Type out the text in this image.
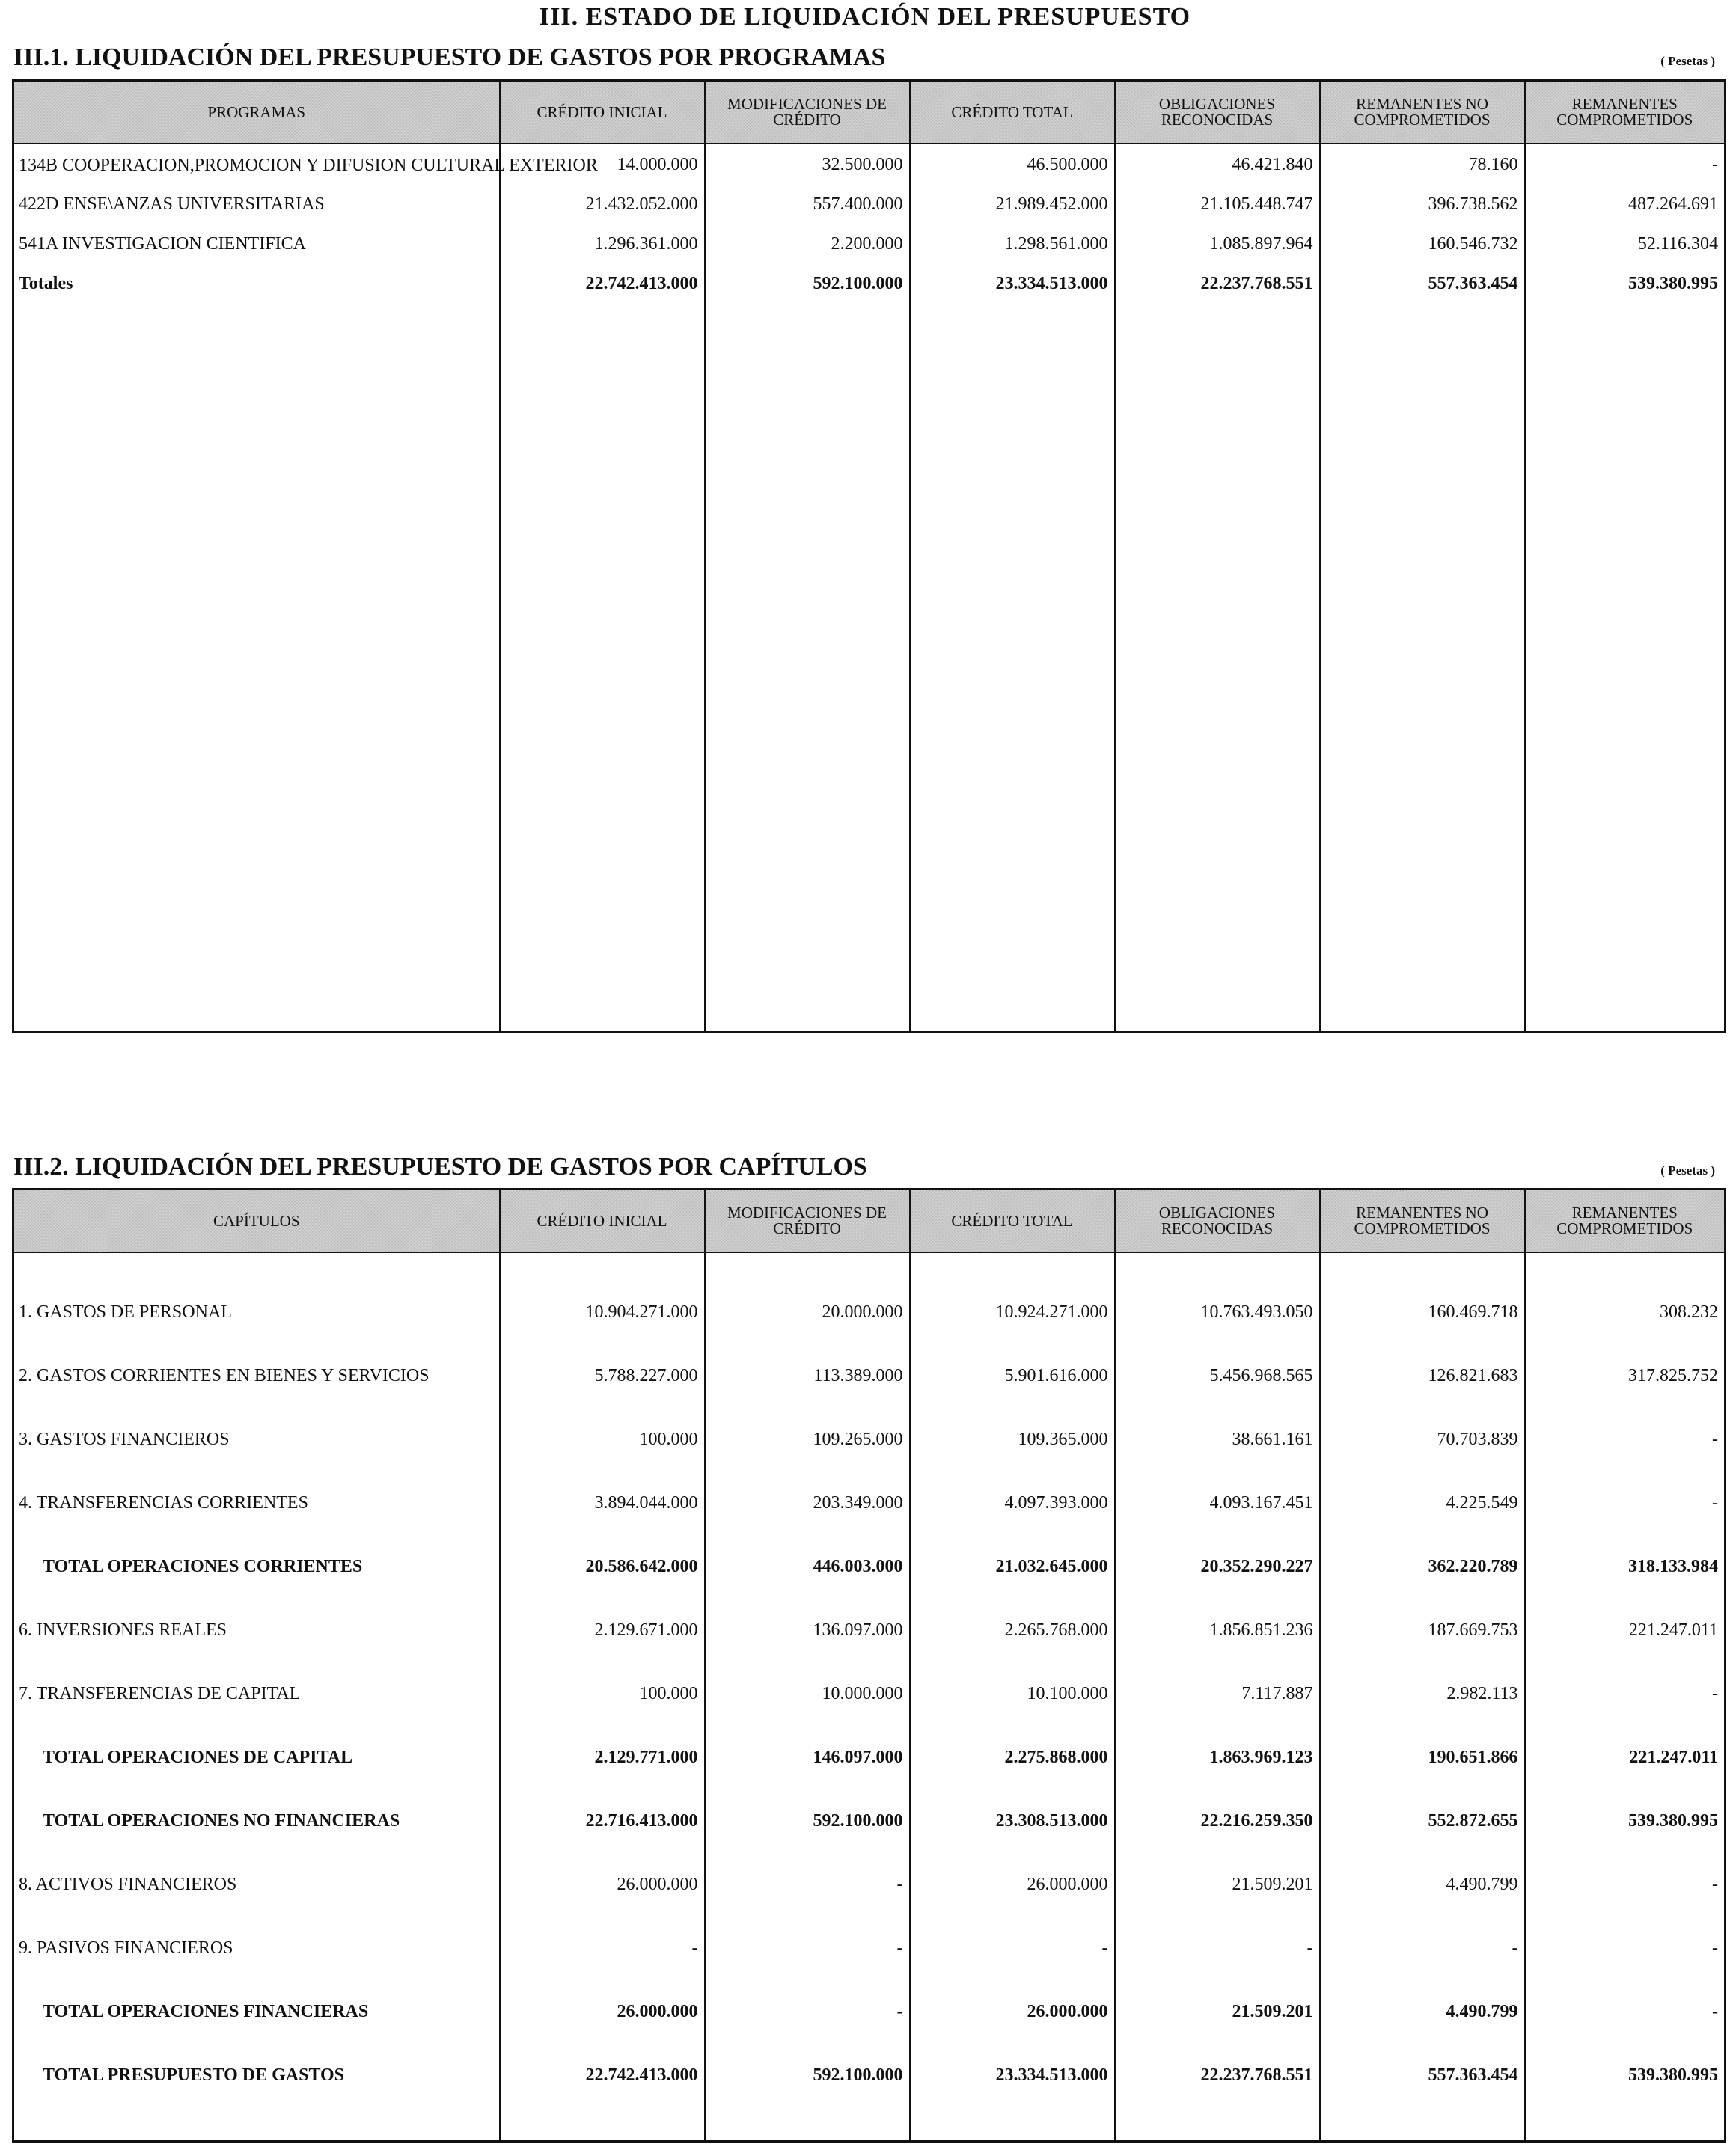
III. ESTADO DE LIQUIDACIÓN DEL PRESUPUESTO
III.1. LIQUIDACIÓN DEL PRESUPUESTO DE GASTOS POR PROGRAMAS	( Pesetas )
PROGRAMAS	CRÉDITO INICIAL	MODIFICACIONES DE CRÉDITO	CRÉDITO TOTAL	OBLIGACIONES RECONOCIDAS	REMANENTES NO COMPROMETIDOS	REMANENTES COMPROMETIDOS
134B COOPERACION,PROMOCION Y DIFUSION CULTURAL EXTERIOR	14.000.000	32.500.000	46.500.000	46.421.840	78.160	-
422D ENSE\ANZAS UNIVERSITARIAS	21.432.052.000	557.400.000	21.989.452.000	21.105.448.747	396.738.562	487.264.691
541A INVESTIGACION CIENTIFICA	1.296.361.000	2.200.000	1.298.561.000	1.085.897.964	160.546.732	52.116.304
Totales	22.742.413.000	592.100.000	23.334.513.000	22.237.768.551	557.363.454	539.380.995

III.2. LIQUIDACIÓN DEL PRESUPUESTO DE GASTOS POR CAPÍTULOS	( Pesetas )
CAPÍTULOS	CRÉDITO INICIAL	MODIFICACIONES DE CRÉDITO	CRÉDITO TOTAL	OBLIGACIONES RECONOCIDAS	REMANENTES NO COMPROMETIDOS	REMANENTES COMPROMETIDOS

1. GASTOS DE PERSONAL	10.904.271.000	20.000.000	10.924.271.000	10.763.493.050	160.469.718	308.232
2. GASTOS CORRIENTES EN BIENES Y SERVICIOS	5.788.227.000	113.389.000	5.901.616.000	5.456.968.565	126.821.683	317.825.752
3. GASTOS FINANCIEROS	100.000	109.265.000	109.365.000	38.661.161	70.703.839	-
4. TRANSFERENCIAS CORRIENTES	3.894.044.000	203.349.000	4.097.393.000	4.093.167.451	4.225.549	-
TOTAL OPERACIONES CORRIENTES	20.586.642.000	446.003.000	21.032.645.000	20.352.290.227	362.220.789	318.133.984
6. INVERSIONES REALES	2.129.671.000	136.097.000	2.265.768.000	1.856.851.236	187.669.753	221.247.011
7. TRANSFERENCIAS DE CAPITAL	100.000	10.000.000	10.100.000	7.117.887	2.982.113	-
TOTAL OPERACIONES DE CAPITAL	2.129.771.000	146.097.000	2.275.868.000	1.863.969.123	190.651.866	221.247.011
TOTAL OPERACIONES NO FINANCIERAS	22.716.413.000	592.100.000	23.308.513.000	22.216.259.350	552.872.655	539.380.995
8. ACTIVOS FINANCIEROS	26.000.000	-	26.000.000	21.509.201	4.490.799	-
9. PASIVOS FINANCIEROS	-	-	-	-	-	-
TOTAL OPERACIONES FINANCIERAS	26.000.000	-	26.000.000	21.509.201	4.490.799	-
TOTAL PRESUPUESTO DE GASTOS	22.742.413.000	592.100.000	23.334.513.000	22.237.768.551	557.363.454	539.380.995
